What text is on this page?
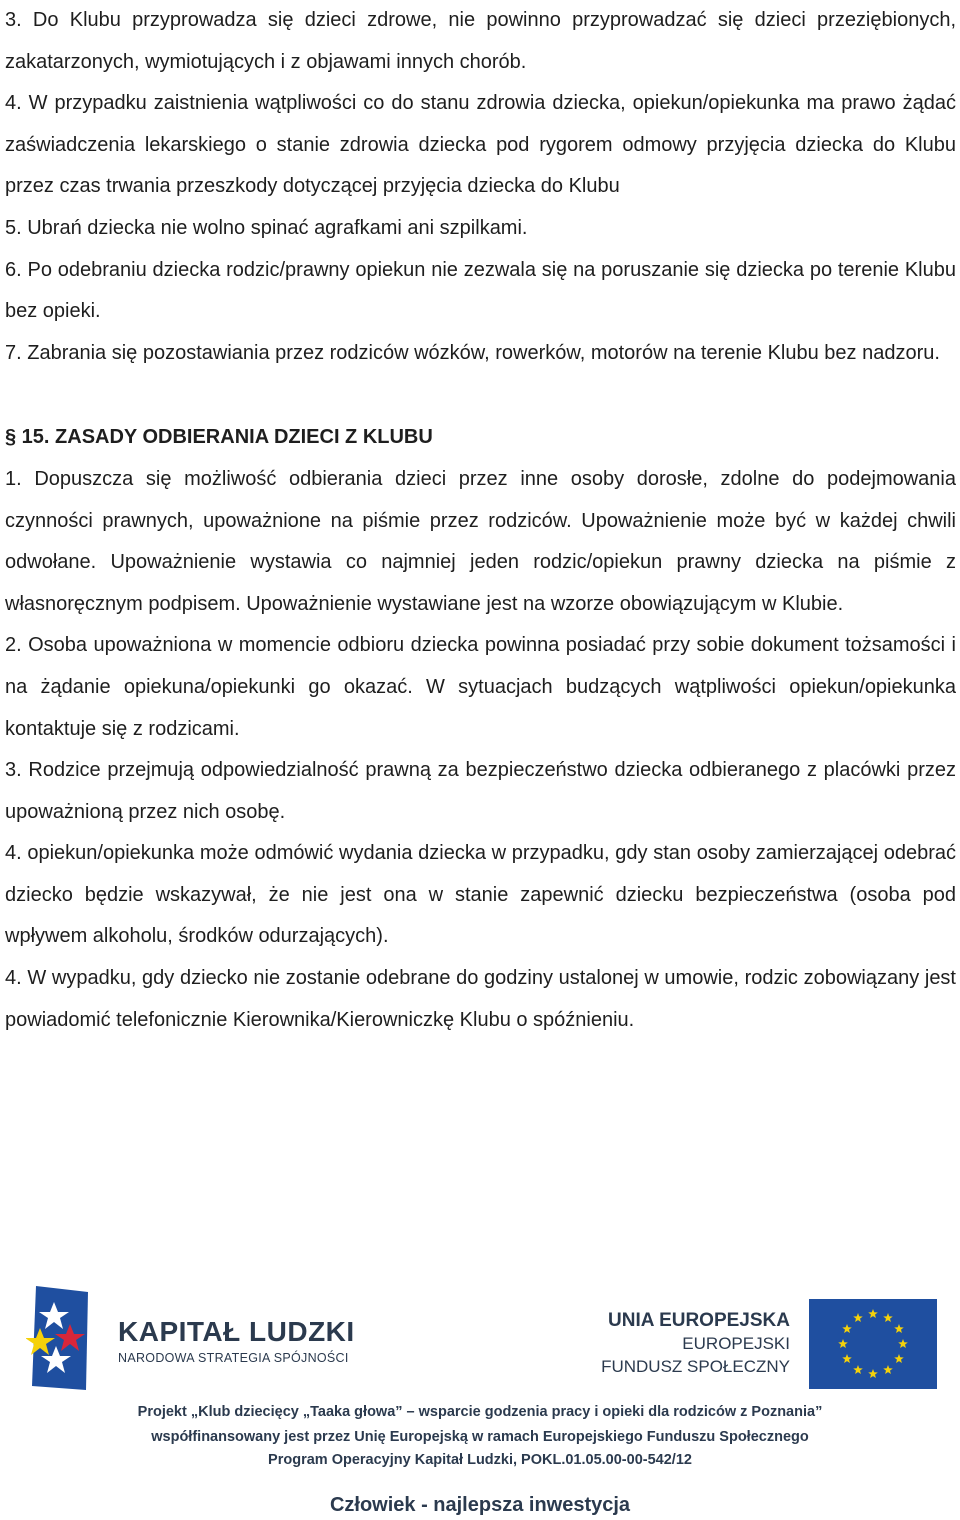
3. Do Klubu przyprowadza się dzieci zdrowe, nie powinno przyprowadzać się dzieci przeziębionych, zakatarzonych, wymiotujących i z objawami innych chorób.

4. W przypadku zaistnienia wątpliwości co do stanu zdrowia dziecka, opiekun/opiekunka ma prawo żądać zaświadczenia lekarskiego o stanie zdrowia dziecka pod rygorem odmowy przyjęcia dziecka do Klubu przez czas trwania przeszkody dotyczącej przyjęcia dziecka do Klubu

5. Ubrań dziecka nie wolno spinać agrafkami ani szpilkami.

6. Po odebraniu dziecka rodzic/prawny opiekun nie zezwala się na poruszanie się dziecka po terenie Klubu bez opieki.

7. Zabrania się pozostawiania przez rodziców wózków, rowerków, motorów na terenie Klubu bez nadzoru.

§ 15. ZASADY ODBIERANIA DZIECI Z KLUBU

1. Dopuszcza się możliwość odbierania dzieci przez inne osoby dorosłe, zdolne do podejmowania czynności prawnych, upoważnione na piśmie przez rodziców. Upoważnienie może być w każdej chwili odwołane. Upoważnienie wystawia co najmniej jeden rodzic/opiekun prawny dziecka na piśmie z własnoręcznym podpisem. Upoważnienie wystawiane jest na wzorze obowiązującym w Klubie.

2. Osoba upoważniona w momencie odbioru dziecka powinna posiadać przy sobie dokument tożsamości i na żądanie opiekuna/opiekunki go okazać. W sytuacjach budzących wątpliwości opiekun/opiekunka kontaktuje się z rodzicami.

3. Rodzice przejmują odpowiedzialność prawną za bezpieczeństwo dziecka odbieranego z placówki przez upoważnioną przez nich osobę.

4. opiekun/opiekunka może odmówić wydania dziecka w przypadku, gdy stan osoby zamierzającej odebrać dziecko będzie wskazywał, że nie jest ona w stanie zapewnić dziecku bezpieczeństwa (osoba pod wpływem alkoholu, środków odurzających).

4. W wypadku, gdy dziecko nie zostanie odebrane do godziny ustalonej w umowie, rodzic zobowiązany jest powiadomić telefonicznie Kierownika/Kierowniczkę Klubu o spóźnieniu.

KAPITAŁ LUDZKI
NARODOWA STRATEGIA SPÓJNOŚCI
UNIA EUROPEJSKA
EUROPEJSKI
FUNDUSZ SPOŁECZNY
Projekt „Klub dziecięcy „Taaka głowa” – wsparcie godzenia pracy i opieki dla rodziców z Poznania”
współfinansowany jest przez Unię Europejską w ramach Europejskiego Funduszu Społecznego
Program Operacyjny Kapitał Ludzki, POKL.01.05.00-00-542/12
Człowiek - najlepsza inwestycja
